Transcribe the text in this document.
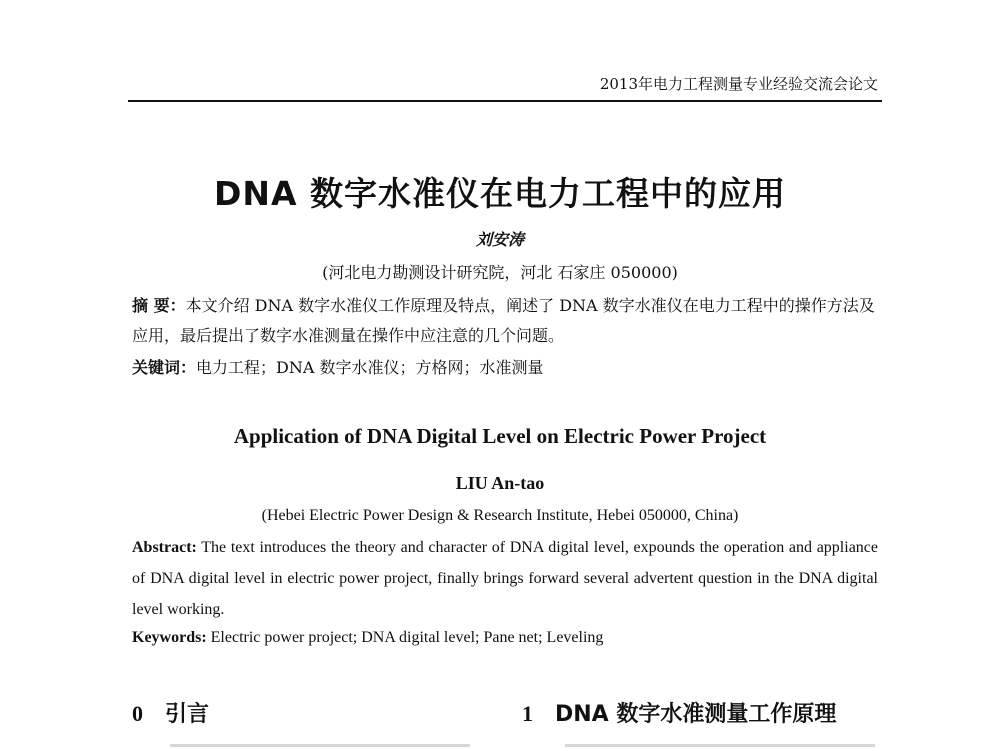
2013年电力工程测量专业经验交流会论文
DNA 数字水准仪在电力工程中的应用
刘安涛
(河北电力勘测设计研究院，河北 石家庄 050000)
摘 要：本文介绍 DNA 数字水准仪工作原理及特点，阐述了 DNA 数字水准仪在电力工程中的操作方法及应用，最后提出了数字水准测量在操作中应注意的几个问题。
关键词：电力工程；DNA 数字水准仪；方格网；水准测量
Application of DNA Digital Level on Electric Power Project
LIU An-tao
(Hebei Electric Power Design & Research Institute, Hebei 050000, China)
Abstract: The text introduces the theory and character of DNA digital level, expounds the operation and appliance of DNA digital level in electric power project, finally brings forward several advertent question in the DNA digital level working.
Keywords: Electric power project; DNA digital level; Pane net; Leveling
0 引言	1 DNA 数字水准测量工作原理
